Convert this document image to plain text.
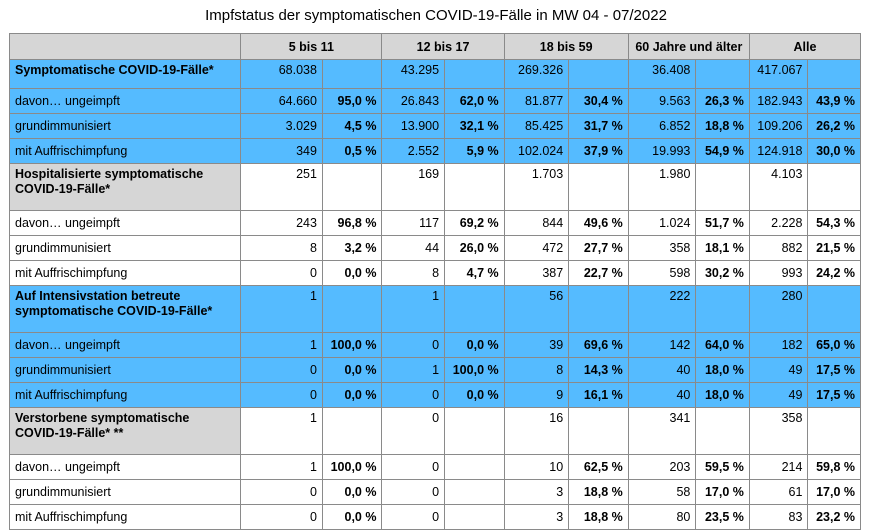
Impfstatus der symptomatischen COVID-19-Fälle in MW 04 - 07/2022
	5 bis 11		12 bis 17		18 bis 59		60 Jahre und älter		Alle	
Symptomatische COVID-19-Fälle*	68.038		43.295		269.326		36.408		417.067	
davon… ungeimpft	64.660	95,0 %	26.843	62,0 %	81.877	30,4 %	9.563	26,3 %	182.943	43,9 %
grundimmunisiert	3.029	4,5 %	13.900	32,1 %	85.425	31,7 %	6.852	18,8 %	109.206	26,2 %
mit Auffrischimpfung	349	0,5 %	2.552	5,9 %	102.024	37,9 %	19.993	54,9 %	124.918	30,0 %
Hospitalisierte symptomatische COVID-19-Fälle*	251		169		1.703		1.980		4.103	
davon… ungeimpft	243	96,8 %	117	69,2 %	844	49,6 %	1.024	51,7 %	2.228	54,3 %
grundimmunisiert	8	3,2 %	44	26,0 %	472	27,7 %	358	18,1 %	882	21,5 %
mit Auffrischimpfung	0	0,0 %	8	4,7 %	387	22,7 %	598	30,2 %	993	24,2 %
Auf Intensivstation betreute symptomatische COVID-19-Fälle*	1		1		56		222		280	
davon… ungeimpft	1	100,0 %	0	0,0 %	39	69,6 %	142	64,0 %	182	65,0 %
grundimmunisiert	0	0,0 %	1	100,0 %	8	14,3 %	40	18,0 %	49	17,5 %
mit Auffrischimpfung	0	0,0 %	0	0,0 %	9	16,1 %	40	18,0 %	49	17,5 %
Verstorbene symptomatische COVID-19-Fälle* **	1		0		16		341		358	
davon… ungeimpft	1	100,0 %	0		10	62,5 %	203	59,5 %	214	59,8 %
grundimmunisiert	0	0,0 %	0		3	18,8 %	58	17,0 %	61	17,0 %
mit Auffrischimpfung	0	0,0 %	0		3	18,8 %	80	23,5 %	83	23,2 %
